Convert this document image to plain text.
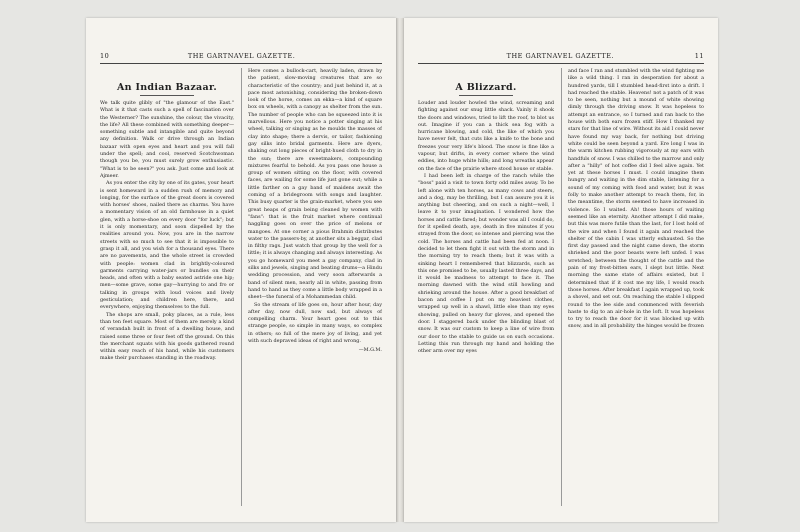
10	THE GARTNAVEL GAZETTE.
An Indian Bazaar.

We talk quite glibly of "the glamour of the East." What is it that casts such a spell of fascination over the Westerner? The sunshine, the colour, the vivacity, the life? All these combined with something deeper—something subtle and intangible and quite beyond any definition. Walk or drive through an Indian bazaar with open eyes and heart and you will fall under the spell; and cool, reserved Scotchwoman though you be, you must surely grow enthusiastic. "What is to be seen?" you ask. Just come and look at Ajmeer.

As you enter the city by one of its gates, your heart is sent homeward in a sudden rush of memory and longing, for the surface of the great doors is covered with horses' shoes, nailed there as charms. You have a momentary vision of an old farmhouse in a quiet glen, with a horse-shoe on every door "for luck"; but it is only momentary, and soon dispelled by the realities around you. Now, you are in the narrow streets with so much to see that it is impossible to grasp it all, and you wish for a thousand eyes. There are no pavements, and the whole street is crowded with people: women clad in brightly-coloured garments carrying water-jars or bundles on their heads, and often with a baby seated astride one hip; men—some grave, some gay—hurrying to and fro or talking in groups with loud voices and lively gesticulation; and children here, there, and everywhere, enjoying themselves to the full.

The shops are small, poky places, as a rule, less than ten feet square. Most of them are merely a kind of verandah built in front of a dwelling house, and raised some three or four feet off the ground. On this the merchant squats with his goods gathered round within easy reach of his hand, while his customers make their purchases standing in the roadway.

Here comes a bullock-cart, heavily laden, drawn by the patient, slow-moving creatures that are so characteristic of the country; and just behind it, at a pace most astonishing, considering the broken-down look of the horse, comes an ekka—a kind of square box on wheels, with a canopy as shelter from the sun. The number of people who can be squeezed into it is marvellous. Here you notice a potter singing at his wheel, talking or singing as he moulds the masses of clay into shape; there a dervis, or tailor, fashioning gay silks into bridal garments. Here are dyers, shaking out long pieces of bright-hued cloth to dry in the sun; there are sweetmakers, compounding mixtures fearful to behold. As you pass one house a group of women sitting on the floor, with covered faces, are wailing for some life just gone out; while a little farther on a gay band of maidens await the coming of a bridegroom with songs and laughter. This busy quarter is the grain-market, where you see great heaps of grain being cleaned by women with "fans": that is the fruit market where continual haggling goes on over the price of melons or mangoes. At one corner a pious Brahmin distributes water to the passers-by, at another sits a beggar, clad in filthy rags. Just watch that group by the well for a little; it is always changing and always interesting. As you go homeward you meet a gay company, clad in silks and jewels, singing and beating drums—a Hindu wedding procession, and very soon afterwards a band of silent men, nearly all in white, passing from hand to hand as they come a little body wrapped in a sheet—the funeral of a Mohammedan child.

So the stream of life goes on, hour after hour, day after day, now dull, now sad, but always of compelling charm. Your heart goes out to this strange people, so simple in many ways, so complex in others; so full of the mere joy of living, and yet with such depraved ideas of right and wrong.

—M.G.M.
THE GARTNAVEL GAZETTE.	11
A Blizzard.

Louder and louder howled the wind, screaming and fighting against our snug little shack. Vainly it shook the doors and windows, tried to lift the roof, to blot us out. Imagine if you can a thick sea fog with a hurricane blowing, and cold, the like of which you have never felt, that cuts like a knife to the bone and freezes your very life's blood. The snow is fine like a vapour, but drifts, in every corner where the wind eddies, into huge white hills; and long wreaths appear on the face of the prairie where stood house or stable.

I had been left in charge of the ranch while the "boss" paid a visit to town forty odd miles away. To be left alone with ten horses, as many cows and steers, and a dog, may be thrilling, but I can assure you it is anything but cheering, and on such a night—well, I leave it to your imagination. I wondered how the horses and cattle fared; but wonder was all I could do, for it spelled death, aye, death in five minutes if you strayed from the door, so intense and piercing was the cold. The horses and cattle had been fed at noon. I decided to let them fight it out with the storm and in the morning try to reach them; but it was with a sinking heart I remembered that blizzards, such as this one promised to be, usually lasted three days, and it would be madness to attempt to face it. The morning dawned with the wind still howling and shrieking around the house. After a good breakfast of bacon and coffee I put on my heaviest clothes, wrapped up well in a shawl, little else than my eyes showing, pulled on heavy fur gloves, and opened the door. I staggered back under the blinding blast of snow. It was our custom to keep a line of wire from our door to the stable to guide us on such occasions. Letting this run through my hand and holding the other arm over my eyes

and face I ran and stumbled with the wind fighting me like a wild thing. I ran in desperation for about a hundred yards, till I stumbled head-first into a drift. I had reached the stable. Heavens! not a patch of it was to be seen, nothing but a mound of white showing dimly through the driving snow. It was hopeless to attempt an entrance, so I turned and ran back to the house with both ears frozen stiff. How I thanked my stars for that line of wire. Without its aid I could never have found my way back, for nothing but driving white could be seen beyond a yard. Ere long I was in the warm kitchen rubbing vigorously at my ears with handfuls of snow. I was chilled to the marrow and only after a "hilly" of hot coffee did I feel alive again. Yet yet at these horses I must. I could imagine them hungry and waiting in the dim stable, listening for a sound of my coming with food and water, but it was folly to make another attempt to reach them, for, in the meantime, the storm seemed to have increased in violence. So I waited. Ah! those hours of waiting seemed like an eternity. Another attempt I did make, but this was more futile than the last, for I lost hold of the wire and when I found it again and reached the shelter of the cabin I was utterly exhausted. So the first day passed and the night came down, the storm shrieked and the poor beasts were left unfed. I was wretched; between the thought of the cattle and the pain of my frost-bitten ears, I slept but little. Next morning the same state of affairs existed, but I determined that if it cost me my life, I would reach those horses. After breakfast I again wrapped up, took a shovel, and set out. On reaching the stable I slipped round to the lee side and commenced with feverish haste to dig to an air-hole in the loft. It was hopeless to try to reach the door for it was blocked up with snow, and in all probability the hinges would be frozen
